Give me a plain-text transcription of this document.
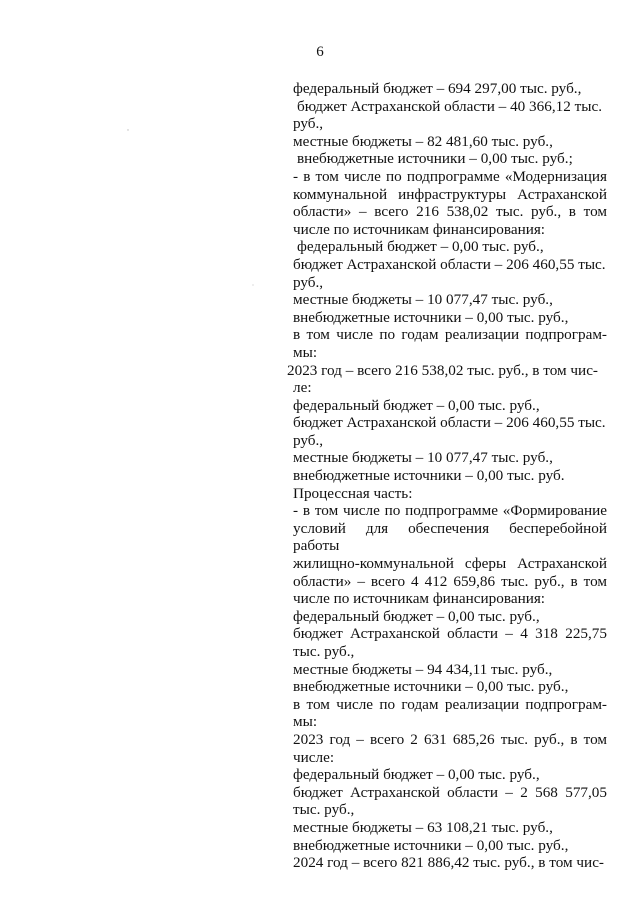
6
федеральный бюджет – 694 297,00 тыс. руб.,
бюджет Астраханской области – 40 366,12 тыс.
руб.,
местные бюджеты – 82 481,60 тыс. руб.,
внебюджетные источники – 0,00 тыс. руб.;
- в том числе по подпрограмме «Модернизация
коммунальной инфраструктуры Астраханской
области» – всего 216 538,02 тыс. руб., в том
числе по источникам финансирования:
федеральный бюджет – 0,00 тыс. руб.,
бюджет Астраханской области – 206 460,55 тыс.
руб.,
местные бюджеты – 10 077,47 тыс. руб.,
внебюджетные источники – 0,00 тыс. руб.,
в том числе по годам реализации подпрограм-
мы:
2023 год – всего 216 538,02 тыс. руб., в том чис-
ле:
федеральный бюджет – 0,00 тыс. руб.,
бюджет Астраханской области – 206 460,55 тыс.
руб.,
местные бюджеты – 10 077,47 тыс. руб.,
внебюджетные источники – 0,00 тыс. руб.
Процессная часть:
- в том числе по подпрограмме «Формирование
условий для обеспечения бесперебойной работы
жилищно-коммунальной сферы Астраханской
области» – всего 4 412 659,86 тыс. руб., в том
числе по источникам финансирования:
федеральный бюджет – 0,00 тыс. руб.,
бюджет Астраханской области – 4 318 225,75
тыс. руб.,
местные бюджеты – 94 434,11 тыс. руб.,
внебюджетные источники – 0,00 тыс. руб.,
в том числе по годам реализации подпрограм-
мы:
2023 год – всего 2 631 685,26 тыс. руб., в том
числе:
федеральный бюджет – 0,00 тыс. руб.,
бюджет Астраханской области – 2 568 577,05
тыс. руб.,
местные бюджеты – 63 108,21 тыс. руб.,
внебюджетные источники – 0,00 тыс. руб.,
2024 год – всего 821 886,42 тыс. руб., в том чис-
